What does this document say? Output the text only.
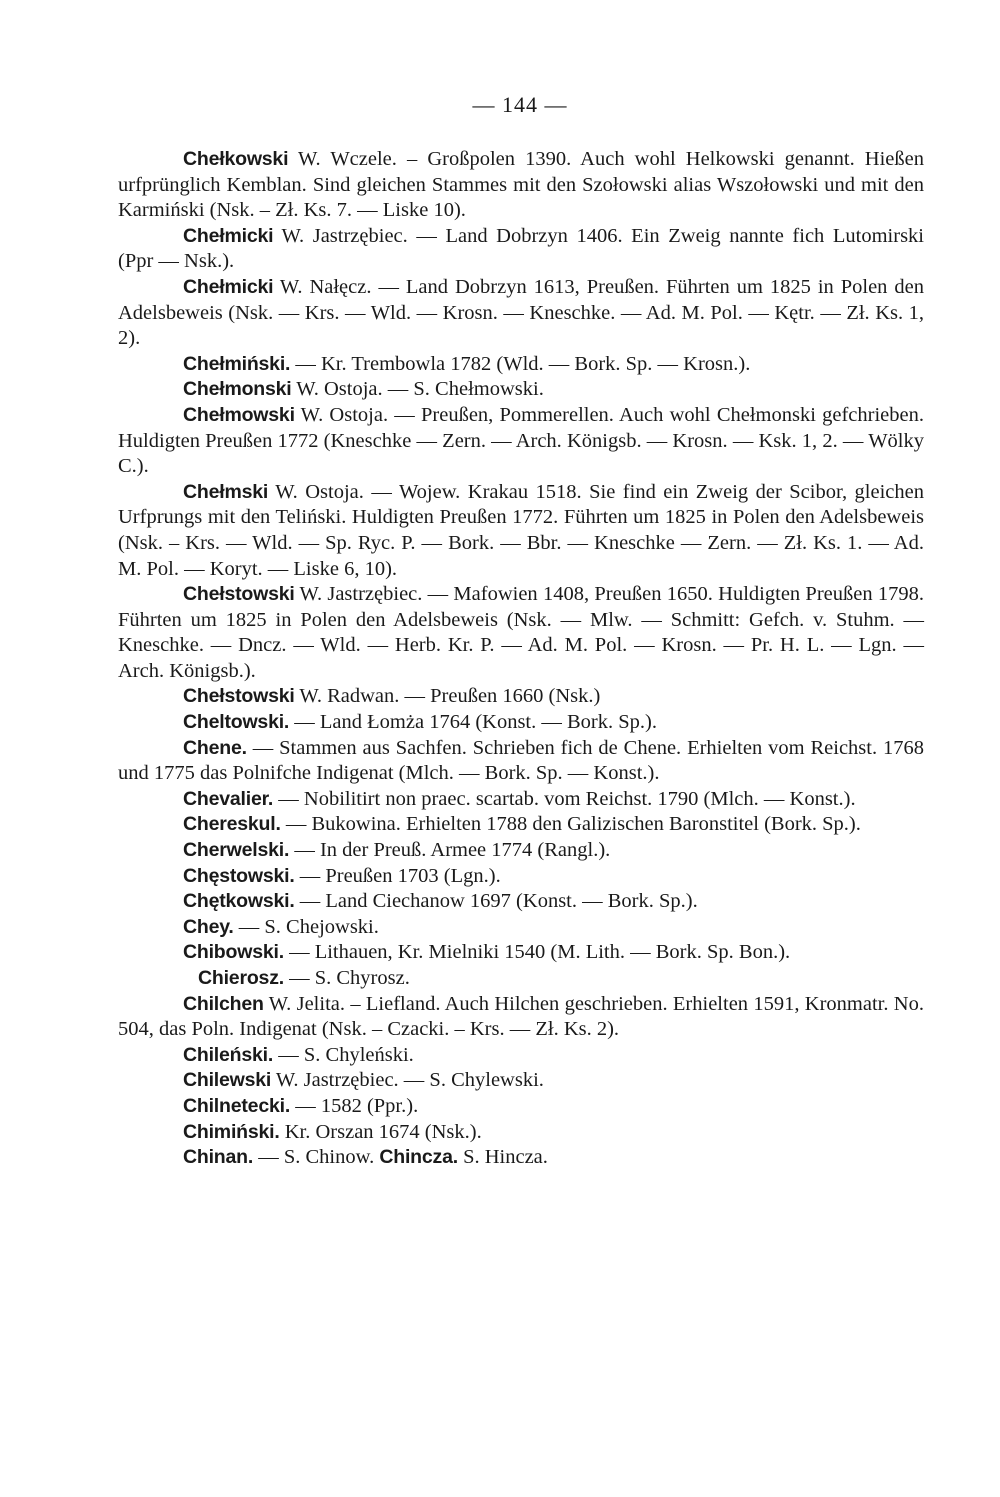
— 144 —

Chełkowski W. Wczele. – Großpolen 1390. Auch wohl Helkowski genannt. Hießen urfprünglich Kemblan. Sind gleichen Stammes mit den Szołowski alias Wszołowski und mit den Karmiński (Nsk. – Zł. Ks. 7. — Liske 10).

Chełmicki W. Jastrzębiec. — Land Dobrzyn 1406. Ein Zweig nannte fich Lutomirski (Ppr — Nsk.).

Chełmicki W. Nałęcz. — Land Dobrzyn 1613, Preußen. Führten um 1825 in Polen den Adelsbeweis (Nsk. — Krs. — Wld. — Krosn. — Kneschke. — Ad. M. Pol. — Kętr. — Zł. Ks. 1, 2).

Chełmiński. — Kr. Trembowla 1782 (Wld. — Bork. Sp. — Krosn.).

Chełmonski W. Ostoja. — S. Chełmowski.

Chełmowski W. Ostoja. — Preußen, Pommerellen. Auch wohl Chełmonski gefchrieben. Huldigten Preußen 1772 (Kneschke — Zern. — Arch. Königsb. — Krosn. — Ksk. 1, 2. — Wölky C.).

Chełmski W. Ostoja. — Wojew. Krakau 1518. Sie find ein Zweig der Scibor, gleichen Urfprungs mit den Teliński. Huldigten Preußen 1772. Führten um 1825 in Polen den Adelsbeweis (Nsk. – Krs. — Wld. — Sp. Ryc. P. — Bork. — Bbr. — Kneschke — Zern. — Zł. Ks. 1. — Ad. M. Pol. — Koryt. — Liske 6, 10).

Chełstowski W. Jastrzębiec. — Mafowien 1408, Preußen 1650. Huldigten Preußen 1798. Führten um 1825 in Polen den Adelsbeweis (Nsk. — Mlw. — Schmitt: Gefch. v. Stuhm. — Kneschke. — Dncz. — Wld. — Herb. Kr. P. — Ad. M. Pol. — Krosn. — Pr. H. L. — Lgn. — Arch. Königsb.).

Chełstowski W. Radwan. — Preußen 1660 (Nsk.)

Cheltowski. — Land Łomża 1764 (Konst. — Bork. Sp.).

Chene. — Stammen aus Sachfen. Schrieben fich de Chene. Erhielten vom Reichst. 1768 und 1775 das Polnifche Indigenat (Mlch. — Bork. Sp. — Konst.).

Chevalier. — Nobilitirt non praec. scartab. vom Reichst. 1790 (Mlch. — Konst.).

Chereskul. — Bukowina. Erhielten 1788 den Galizischen Baronstitel (Bork. Sp.).

Cherwelski. — In der Preuß. Armee 1774 (Rangl.).

Chęstowski. — Preußen 1703 (Lgn.).

Chętkowski. — Land Ciechanow 1697 (Konst. — Bork. Sp.).

Chey. — S. Chejowski.

Chibowski. — Lithauen, Kr. Mielniki 1540 (M. Lith. — Bork. Sp. Bon.).

Chierosz. — S. Chyrosz.

Chilchen W. Jelita. – Liefland. Auch Hilchen geschrieben. Erhielten 1591, Kronmatr. No. 504, das Poln. Indigenat (Nsk. – Czacki. – Krs. — Zł. Ks. 2).

Chileński. — S. Chyleński.

Chilewski W. Jastrzębiec. — S. Chylewski.

Chilnetecki. — 1582 (Ppr.).

Chimiński. Kr. Orszan 1674 (Nsk.).

Chinan. — S. Chinow. Chincza. S. Hincza.
